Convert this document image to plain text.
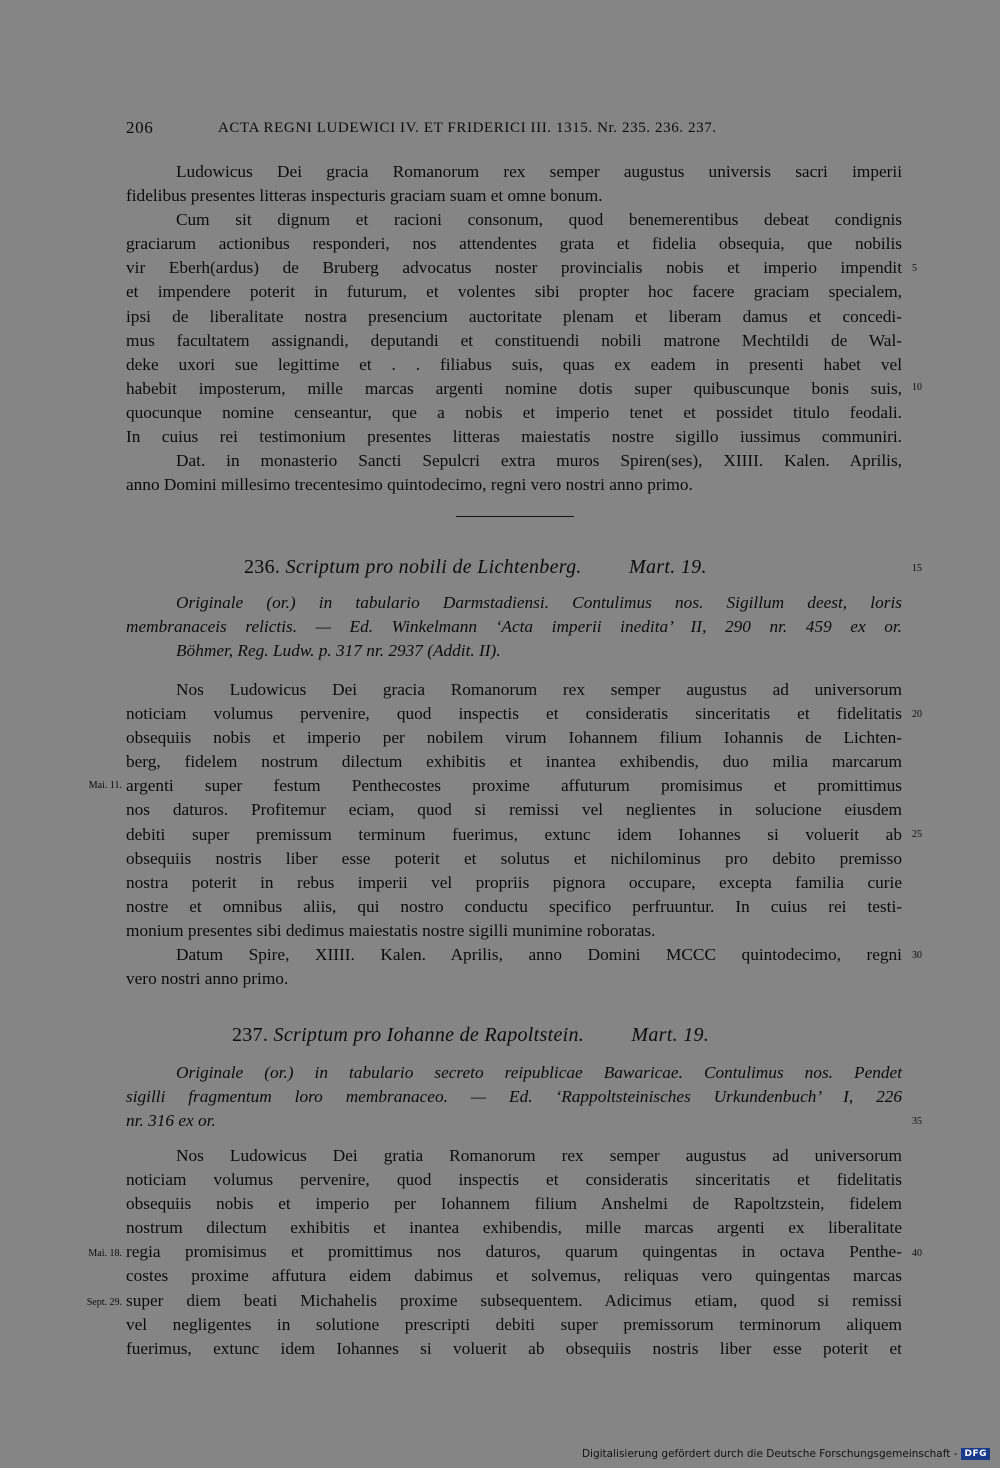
206	ACTA REGNI LUDEWICI IV. ET FRIDERICI III. 1315. Nr. 235. 236. 237.
Ludowicus Dei gracia Romanorum rex semper augustus universis sacri imperii
fidelibus presentes litteras inspecturis graciam suam et omne bonum.
Cum sit dignum et racioni consonum, quod benemerentibus debeat condignis
graciarum actionibus responderi, nos attendentes grata et fidelia obsequia, que nobilis
vir Eberh(ardus) de Bruberg advocatus noster provincialis nobis et imperio impendit
et impendere poterit in futurum, et volentes sibi propter hoc facere graciam specialem,
ipsi de liberalitate nostra presencium auctoritate plenam et liberam damus et concedi-
mus facultatem assignandi, deputandi et constituendi nobili matrone Mechtildi de Wal-
deke uxori sue legittime et . . filiabus suis, quas ex eadem in presenti habet vel
habebit imposterum, mille marcas argenti nomine dotis super quibuscunque bonis suis,
quocunque nomine censeantur, que a nobis et imperio tenet et possidet titulo feodali.
In cuius rei testimonium presentes litteras maiestatis nostre sigillo iussimus communiri.
Dat. in monasterio Sancti Sepulcri extra muros Spiren(ses), XIIII. Kalen. Aprilis,
anno Domini millesimo trecentesimo quintodecimo, regni vero nostri anno primo.
236. Scriptum pro nobili de Lichtenberg. Mart. 19.
Originale (or.) in tabulario Darmstadiensi. Contulimus nos. Sigillum deest, loris
membranaceis relictis. — Ed. Winkelmann ‘Acta imperii inedita’ II, 290 nr. 459 ex or.
Böhmer, Reg. Ludw. p. 317 nr. 2937 (Addit. II).
Nos Ludowicus Dei gracia Romanorum rex semper augustus ad universorum
noticiam volumus pervenire, quod inspectis et consideratis sinceritatis et fidelitatis
obsequiis nobis et imperio per nobilem virum Iohannem filium Iohannis de Lichten-
berg, fidelem nostrum dilectum exhibitis et inantea exhibendis, duo milia marcarum
argenti super festum Penthecostes proxime affuturum promisimus et promittimus
nos daturos. Profitemur eciam, quod si remissi vel neglientes in solucione eiusdem
debiti super premissum terminum fuerimus, extunc idem Iohannes si voluerit ab
obsequiis nostris liber esse poterit et solutus et nichilominus pro debito premisso
nostra poterit in rebus imperii vel propriis pignora occupare, excepta familia curie
nostre et omnibus aliis, qui nostro conductu specifico perfruuntur. In cuius rei testi-
monium presentes sibi dedimus maiestatis nostre sigilli munimine roboratas.
Datum Spire, XIIII. Kalen. Aprilis, anno Domini MCCC quintodecimo, regni
vero nostri anno primo.
237. Scriptum pro Iohanne de Rapoltstein. Mart. 19.
Originale (or.) in tabulario secreto reipublicae Bawaricae. Contulimus nos. Pendet
sigilli fragmentum loro membranaceo. — Ed. ‘Rappoltsteinisches Urkundenbuch’ I, 226
nr. 316 ex or.
Nos Ludowicus Dei gratia Romanorum rex semper augustus ad universorum
noticiam volumus pervenire, quod inspectis et consideratis sinceritatis et fidelitatis
obsequiis nobis et imperio per Iohannem filium Anshelmi de Rapoltzstein, fidelem
nostrum dilectum exhibitis et inantea exhibendis, mille marcas argenti ex liberalitate
regia promisimus et promittimus nos daturos, quarum quingentas in octava Penthe-
costes proxime affutura eidem dabimus et solvemus, reliquas vero quingentas marcas
super diem beati Michahelis proxime subsequentem. Adicimus etiam, quod si remissi
vel negligentes in solutione prescripti debiti super premissorum terminorum aliquem
fuerimus, extunc idem Iohannes si voluerit ab obsequiis nostris liber esse poterit et
5
10
15
20
25
30
35
40
Mai. 11.
Mai. 18.
Sept. 29.
Digitalisierung gefördert durch die Deutsche Forschungsgemeinschaft - DFG
